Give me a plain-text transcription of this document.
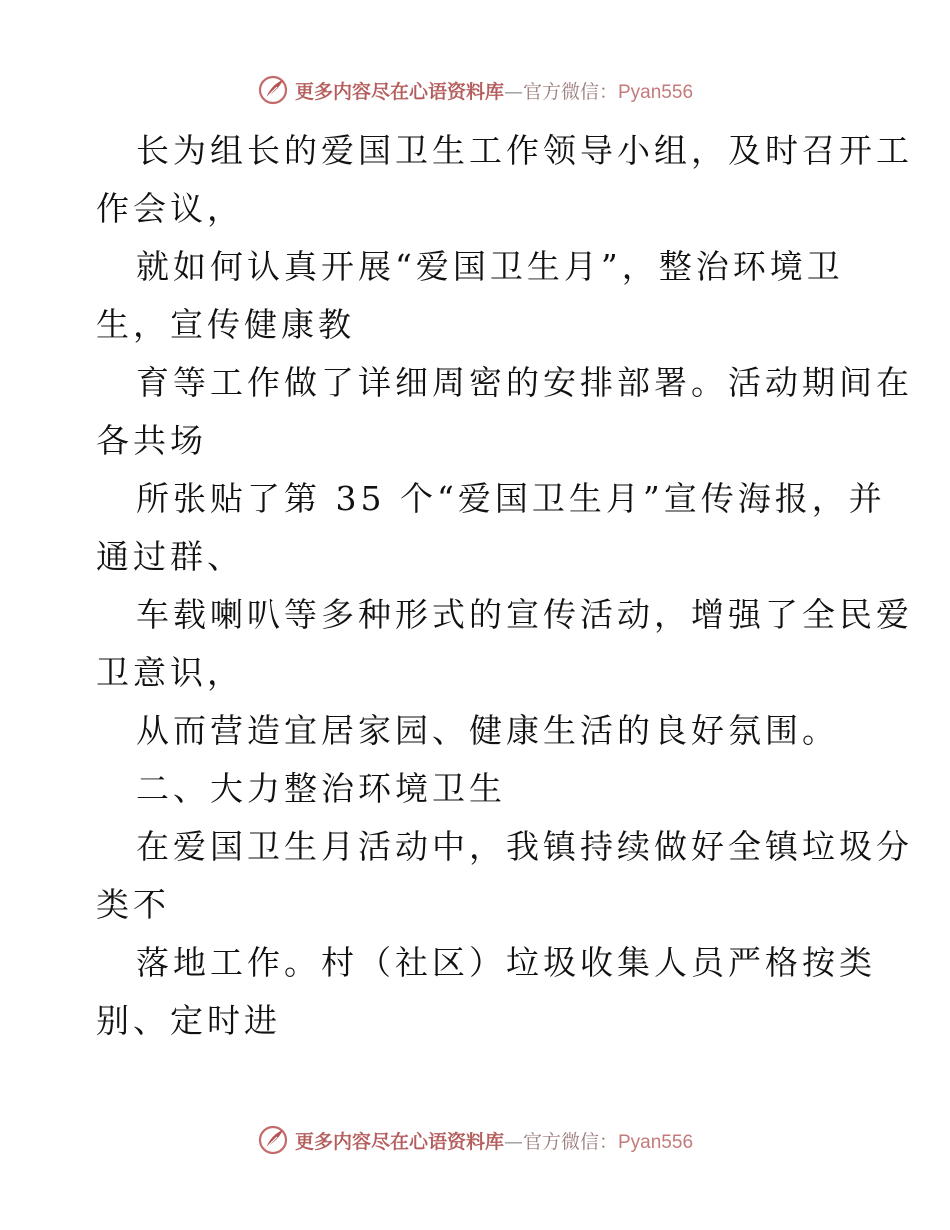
更多内容尽在心语资料库—官方微信：Pyan556
长为组长的爱国卫生工作领导小组，及时召开工
作会议，
就如何认真开展“爱国卫生月”，整治环境卫
生，宣传健康教
育等工作做了详细周密的安排部署。活动期间在
各共场
所张贴了第 35 个“爱国卫生月”宣传海报，并
通过群、
车载喇叭等多种形式的宣传活动，增强了全民爱
卫意识，
从而营造宜居家园、健康生活的良好氛围。
二、大力整治环境卫生
在爱国卫生月活动中，我镇持续做好全镇垃圾分
类不
落地工作。村（社区）垃圾收集人员严格按类
别、定时进
更多内容尽在心语资料库—官方微信：Pyan556
